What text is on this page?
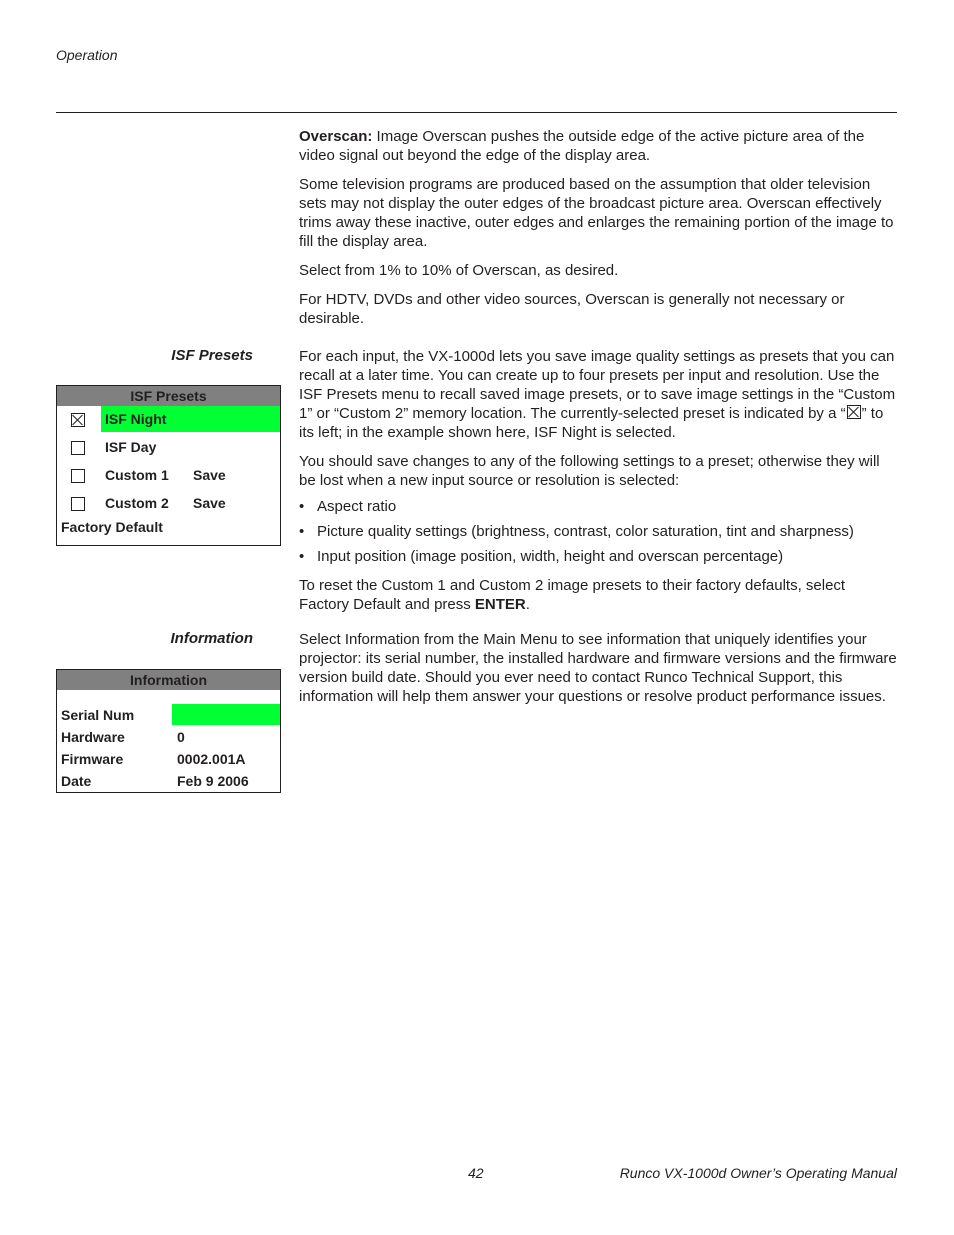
Operation

Overscan: Image Overscan pushes the outside edge of the active picture area of the video signal out beyond the edge of the display area.

Some television programs are produced based on the assumption that older television sets may not display the outer edges of the broadcast picture area. Overscan effectively trims away these inactive, outer edges and enlarges the remaining portion of the image to fill the display area.

Select from 1% to 10% of Overscan, as desired.

For HDTV, DVDs and other video sources, Overscan is generally not necessary or desirable.

ISF Presets	For each input, the VX-1000d lets you save image quality settings as presets that you can recall at a later time. You can create up to four presets per input and resolution. Use the ISF Presets menu to recall saved image presets, or to save image settings in the “Custom 1” or “Custom 2” memory location. The currently-selected preset is indicated by a “ ” to its left; in the example shown here, ISF Night is selected.

You should save changes to any of the following settings to a preset; otherwise they will be lost when a new input source or resolution is selected:

• Aspect ratio
• Picture quality settings (brightness, contrast, color saturation, tint and sharpness)
• Input position (image position, width, height and overscan percentage)

To reset the Custom 1 and Custom 2 image presets to their factory defaults, select Factory Default and press ENTER.

ISF Presets
ISF Night
ISF Day
Custom 1 Save
Custom 2 Save
Factory Default
Information	Select Information from the Main Menu to see information that uniquely identifies your projector: its serial number, the installed hardware and firmware versions and the firmware version build date. Should you ever need to contact Runco Technical Support, this information will help them answer your questions or resolve product performance issues.

Information
Serial Num
Hardware	0
Firmware	0002.001A
Date	Feb 9 2006
42	Runco VX-1000d Owner’s Operating Manual
